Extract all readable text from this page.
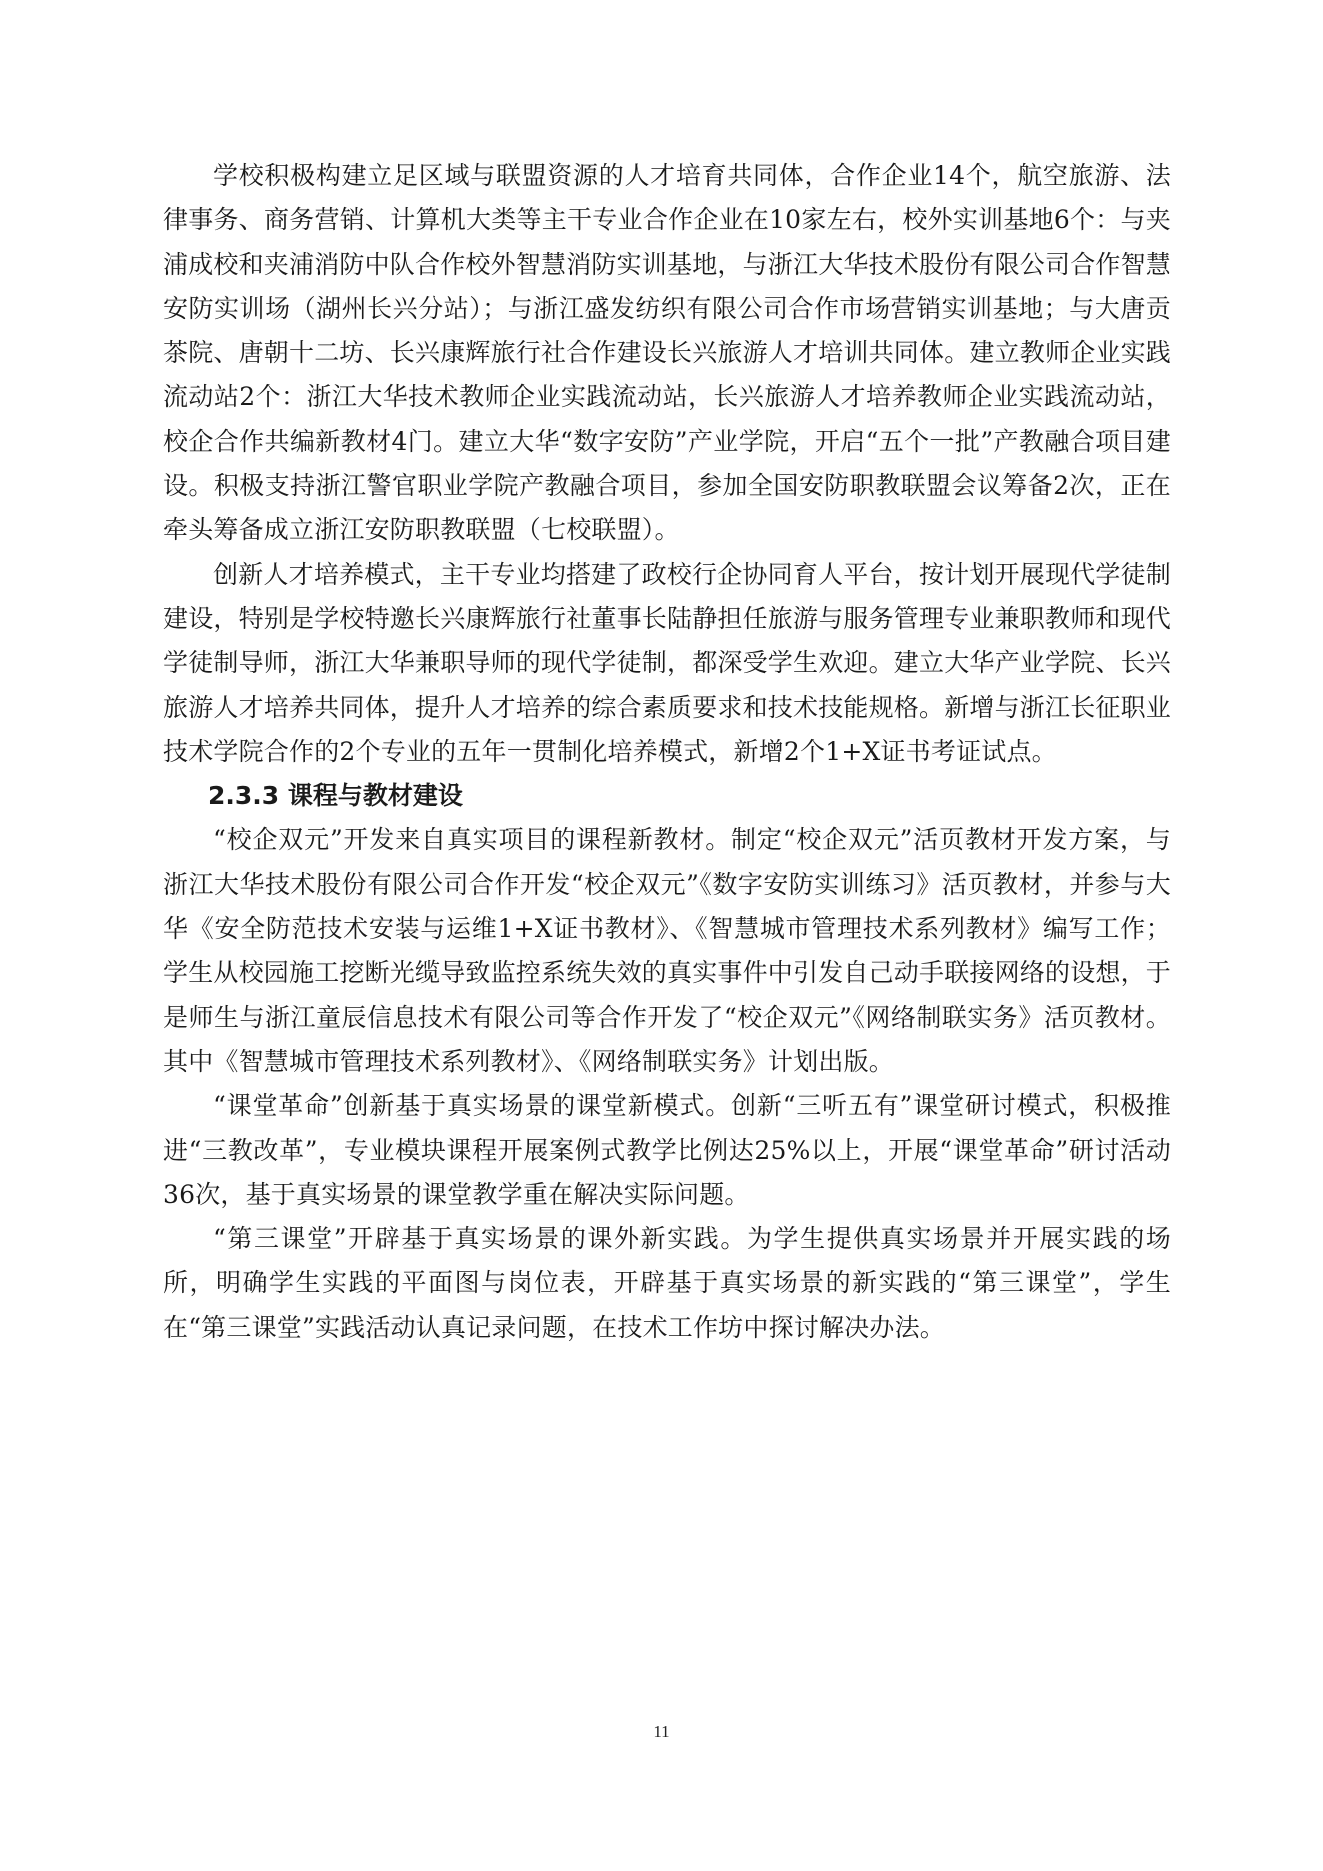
学校积极构建立足区域与联盟资源的人才培育共同体，合作企业14个，航空旅游、法律事务、商务营销、计算机大类等主干专业合作企业在10家左右，校外实训基地6个：与夹浦成校和夹浦消防中队合作校外智慧消防实训基地，与浙江大华技术股份有限公司合作智慧安防实训场（湖州长兴分站）；与浙江盛发纺织有限公司合作市场营销实训基地；与大唐贡茶院、唐朝十二坊、长兴康辉旅行社合作建设长兴旅游人才培训共同体。建立教师企业实践流动站2个：浙江大华技术教师企业实践流动站，长兴旅游人才培养教师企业实践流动站，校企合作共编新教材4门。建立大华“数字安防”产业学院，开启“五个一批”产教融合项目建设。积极支持浙江警官职业学院产教融合项目，参加全国安防职教联盟会议筹备2次，正在牵头筹备成立浙江安防职教联盟（七校联盟）。

创新人才培养模式，主干专业均搭建了政校行企协同育人平台，按计划开展现代学徒制建设，特别是学校特邀长兴康辉旅行社董事长陆静担任旅游与服务管理专业兼职教师和现代学徒制导师，浙江大华兼职导师的现代学徒制，都深受学生欢迎。建立大华产业学院、长兴旅游人才培养共同体，提升人才培养的综合素质要求和技术技能规格。新增与浙江长征职业技术学院合作的2个专业的五年一贯制化培养模式，新增2个1+X证书考证试点。

2.3.3 课程与教材建设

“校企双元”开发来自真实项目的课程新教材。制定“校企双元”活页教材开发方案，与浙江大华技术股份有限公司合作开发“校企双元”《数字安防实训练习》活页教材，并参与大华《安全防范技术安装与运维1+X证书教材》、《智慧城市管理技术系列教材》编写工作；学生从校园施工挖断光缆导致监控系统失效的真实事件中引发自己动手联接网络的设想，于是师生与浙江童辰信息技术有限公司等合作开发了“校企双元”《网络制联实务》活页教材。其中《智慧城市管理技术系列教材》、《网络制联实务》计划出版。

“课堂革命”创新基于真实场景的课堂新模式。创新“三听五有”课堂研讨模式，积极推进“三教改革”，专业模块课程开展案例式教学比例达25%以上，开展“课堂革命”研讨活动36次，基于真实场景的课堂教学重在解决实际问题。

“第三课堂”开辟基于真实场景的课外新实践。为学生提供真实场景并开展实践的场所，明确学生实践的平面图与岗位表，开辟基于真实场景的新实践的“第三课堂”，学生在“第三课堂”实践活动认真记录问题，在技术工作坊中探讨解决办法。

11
